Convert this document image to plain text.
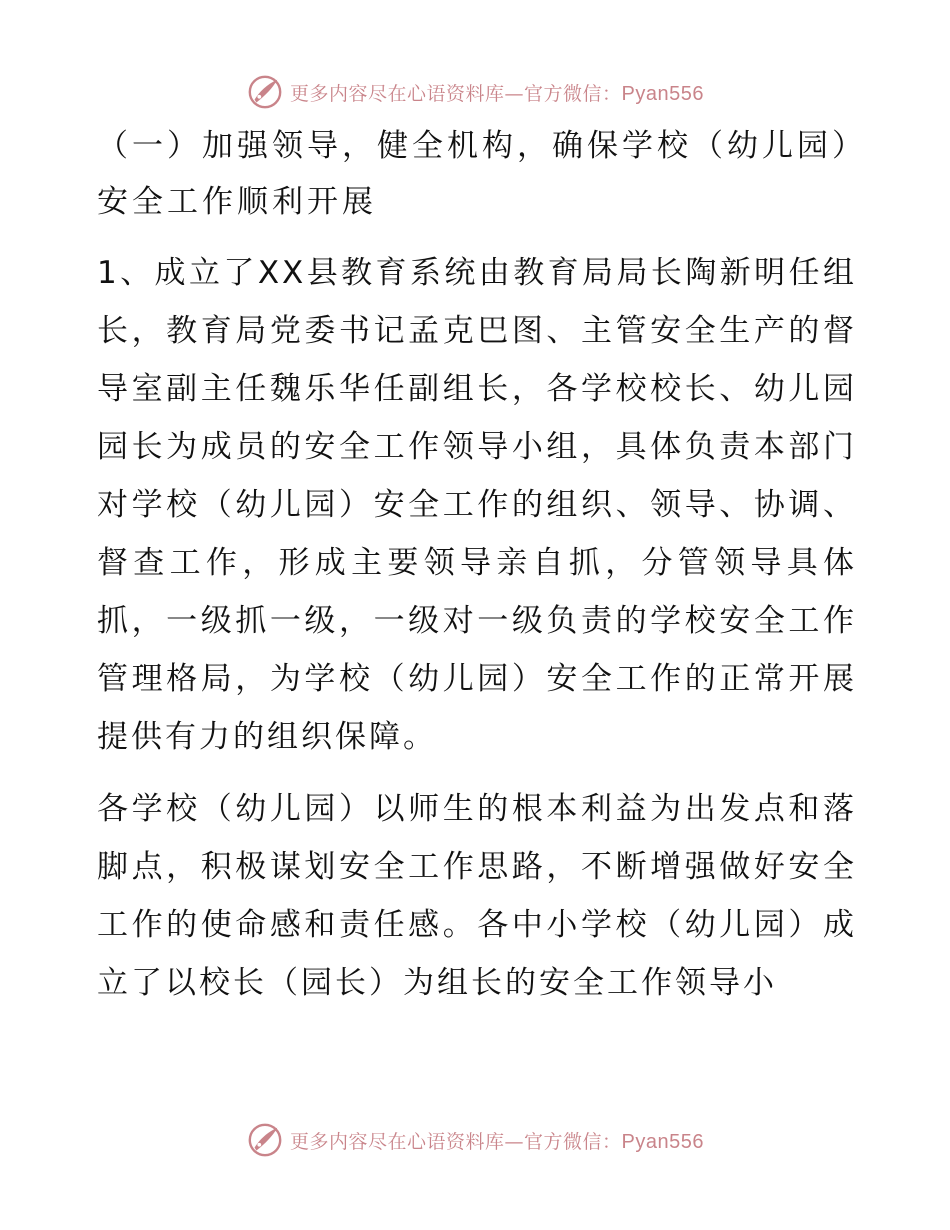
更多内容尽在心语资料库—官方微信：Pyan556
（一）加强领导，健全机构，确保学校（幼儿园）安全工作顺利开展

1、成立了XX县教育系统由教育局局长陶新明任组长，教育局党委书记孟克巴图、主管安全生产的督导室副主任魏乐华任副组长，各学校校长、幼儿园园长为成员的安全工作领导小组，具体负责本部门对学校（幼儿园）安全工作的组织、领导、协调、督查工作，形成主要领导亲自抓，分管领导具体抓，一级抓一级，一级对一级负责的学校安全工作管理格局，为学校（幼儿园）安全工作的正常开展提供有力的组织保障。

各学校（幼儿园）以师生的根本利益为出发点和落脚点，积极谋划安全工作思路，不断增强做好安全工作的使命感和责任感。各中小学校（幼儿园）成立了以校长（园长）为组长的安全工作领导小

更多内容尽在心语资料库—官方微信：Pyan556
